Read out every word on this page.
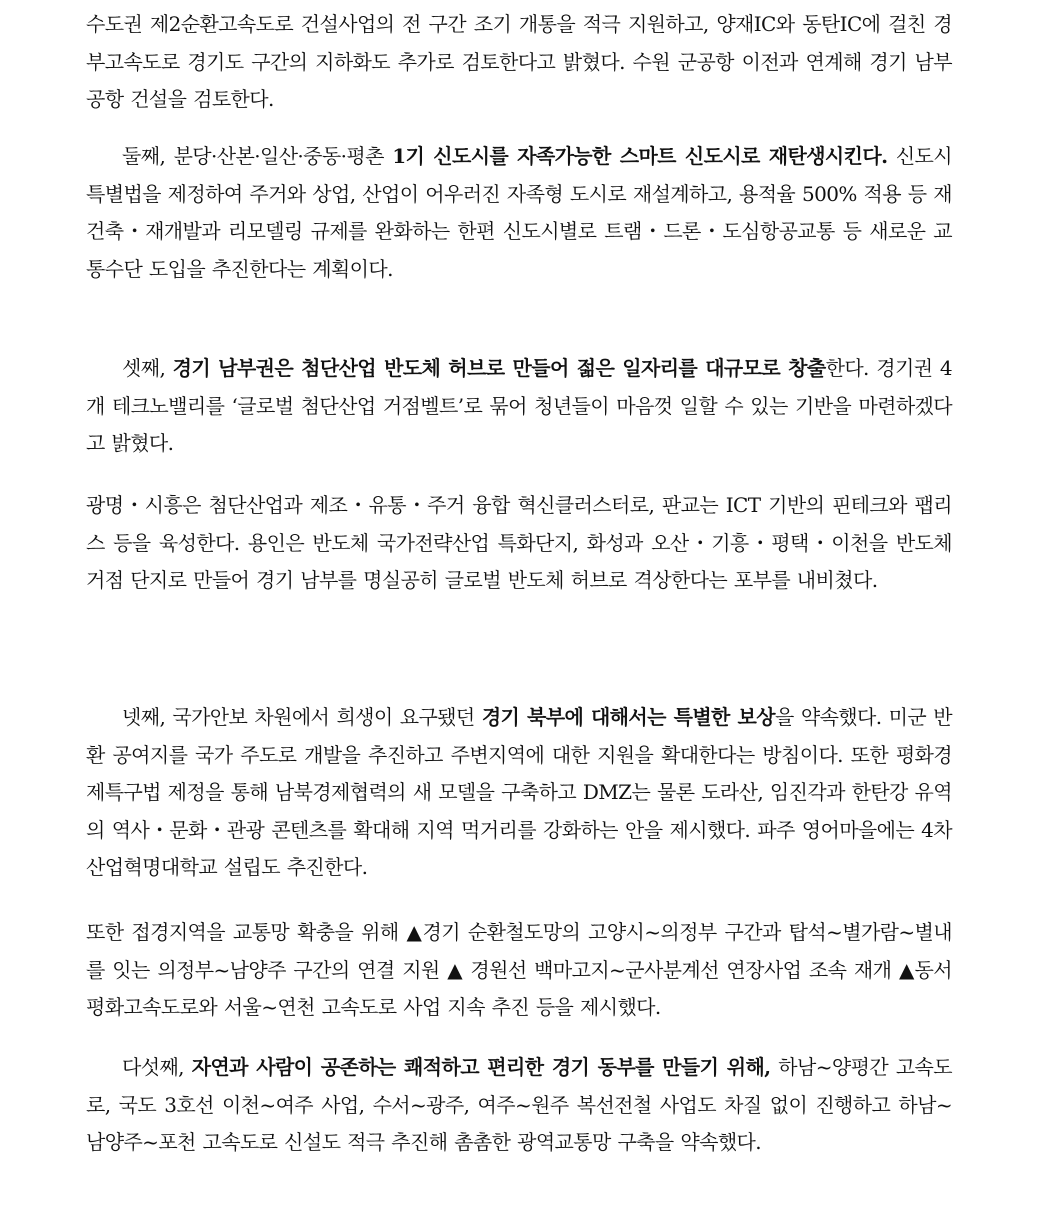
수도권 제2순환고속도로 건설사업의 전 구간 조기 개통을 적극 지원하고, 양재IC와 동탄IC에 걸친 경부고속도로 경기도 구간의 지하화도 추가로 검토한다고 밝혔다. 수원 군공항 이전과 연계해 경기 남부 공항 건설을 검토한다.

둘째, 분당·산본·일산·중동·평촌 1기 신도시를 자족가능한 스마트 신도시로 재탄생시킨다. 신도시 특별법을 제정하여 주거와 상업, 산업이 어우러진 자족형 도시로 재설계하고, 용적율 500% 적용 등 재건축・재개발과 리모델링 규제를 완화하는 한편 신도시별로 트램・드론・도심항공교통 등 새로운 교통수단 도입을 추진한다는 계획이다.

셋째, 경기 남부권은 첨단산업 반도체 허브로 만들어 젊은 일자리를 대규모로 창출한다. 경기권 4개 테크노밸리를 ‘글로벌 첨단산업 거점벨트’로 묶어 청년들이 마음껏 일할 수 있는 기반을 마련하겠다고 밝혔다.

광명・시흥은 첨단산업과 제조・유통・주거 융합 혁신클러스터로, 판교는 ICT 기반의 핀테크와 팹리스 등을 육성한다. 용인은 반도체 국가전략산업 특화단지, 화성과 오산・기흥・평택・이천을 반도체 거점 단지로 만들어 경기 남부를 명실공히 글로벌 반도체 허브로 격상한다는 포부를 내비쳤다.

넷째, 국가안보 차원에서 희생이 요구됐던 경기 북부에 대해서는 특별한 보상을 약속했다. 미군 반환 공여지를 국가 주도로 개발을 추진하고 주변지역에 대한 지원을 확대한다는 방침이다. 또한 평화경제특구법 제정을 통해 남북경제협력의 새 모델을 구축하고 DMZ는 물론 도라산, 임진각과 한탄강 유역의 역사・문화・관광 콘텐츠를 확대해 지역 먹거리를 강화하는 안을 제시했다. 파주 영어마을에는 4차산업혁명대학교 설립도 추진한다.

또한 접경지역을 교통망 확충을 위해 ▲경기 순환철도망의 고양시~의정부 구간과 탑석~별가람~별내를 잇는 의정부~남양주 구간의 연결 지원 ▲ 경원선 백마고지~군사분계선 연장사업 조속 재개 ▲동서평화고속도로와 서울~연천 고속도로 사업 지속 추진 등을 제시했다.

다섯째, 자연과 사람이 공존하는 쾌적하고 편리한 경기 동부를 만들기 위해, 하남~양평간 고속도로, 국도 3호선 이천~여주 사업, 수서~광주, 여주~원주 복선전철 사업도 차질 없이 진행하고 하남~남양주~포천 고속도로 신설도 적극 추진해 촘촘한 광역교통망 구축을 약속했다.
